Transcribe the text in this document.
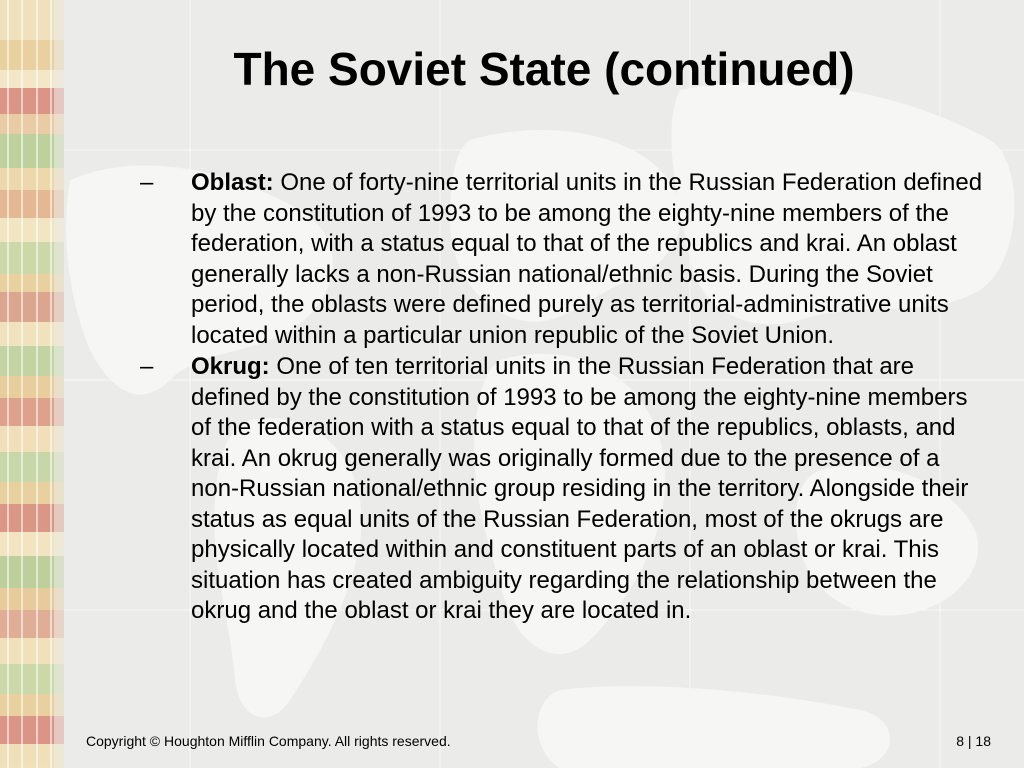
The Soviet State (continued)
– Oblast: One of forty-nine territorial units in the Russian Federation defined by the constitution of 1993 to be among the eighty-nine members of the federation, with a status equal to that of the republics and krai. An oblast generally lacks a non-Russian national/ethnic basis. During the Soviet period, the oblasts were defined purely as territorial-administrative units located within a particular union republic of the Soviet Union.
– Okrug: One of ten territorial units in the Russian Federation that are defined by the constitution of 1993 to be among the eighty-nine members of the federation with a status equal to that of the republics, oblasts, and krai. An okrug generally was originally formed due to the presence of a non-Russian national/ethnic group residing in the territory. Alongside their status as equal units of the Russian Federation, most of the okrugs are physically located within and constituent parts of an oblast or krai. This situation has created ambiguity regarding the relationship between the okrug and the oblast or krai they are located in.
Copyright © Houghton Mifflin Company. All rights reserved.	8 | 18
